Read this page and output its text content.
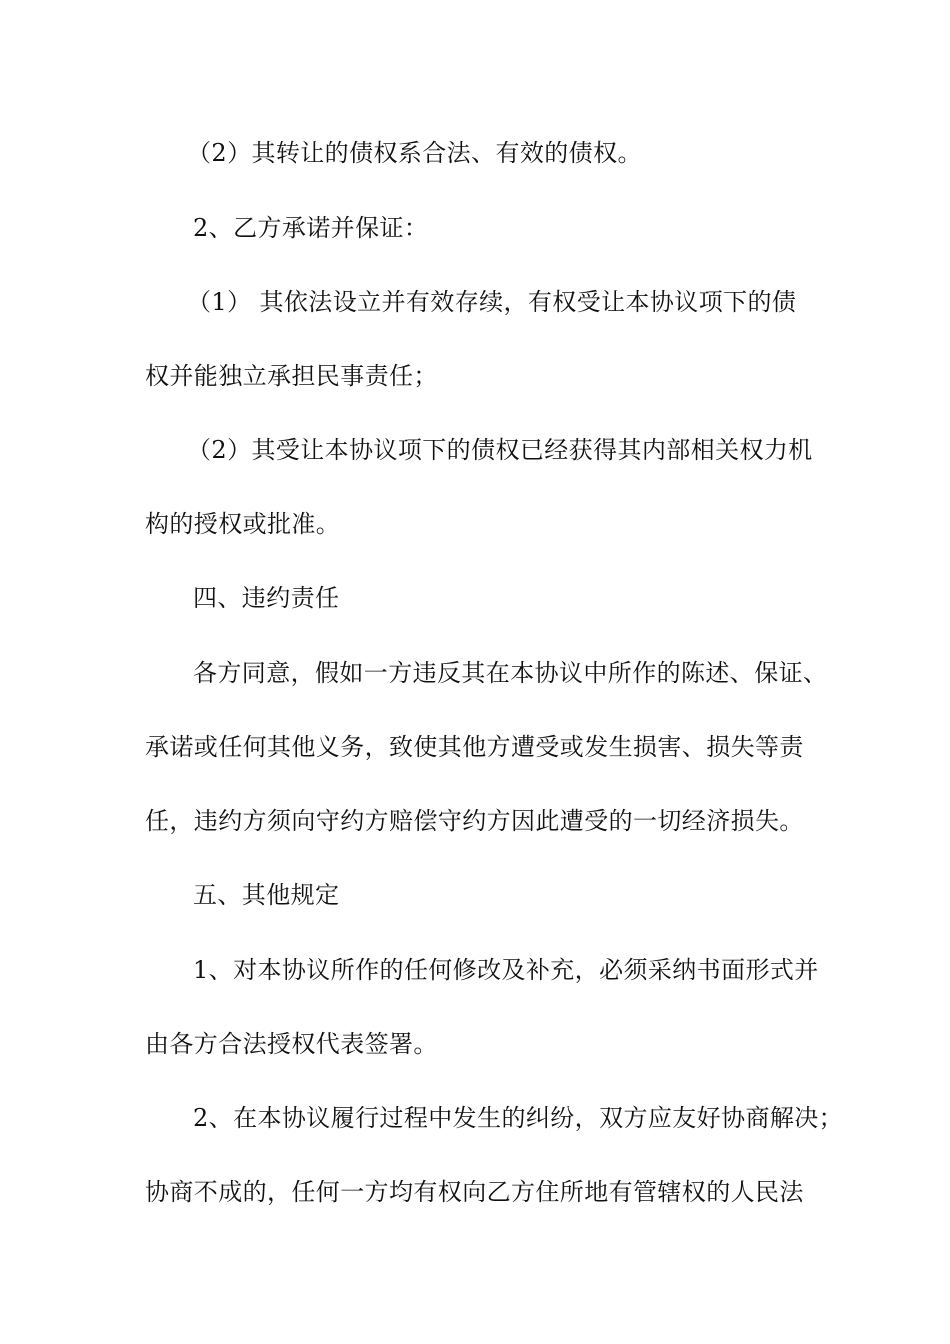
（2）其转让的债权系合法、有效的债权。
2、乙方承诺并保证：
（1） 其依法设立并有效存续，有权受让本协议项下的债
权并能独立承担民事责任；
（2）其受让本协议项下的债权已经获得其内部相关权力机
构的授权或批准。
四、违约责任
各方同意，假如一方违反其在本协议中所作的陈述、保证、
承诺或任何其他义务，致使其他方遭受或发生损害、损失等责
任，违约方须向守约方赔偿守约方因此遭受的一切经济损失。
五、其他规定
1、对本协议所作的任何修改及补充，必须采纳书面形式并
由各方合法授权代表签署。
2、在本协议履行过程中发生的纠纷，双方应友好协商解决；
协商不成的，任何一方均有权向乙方住所地有管辖权的人民法
